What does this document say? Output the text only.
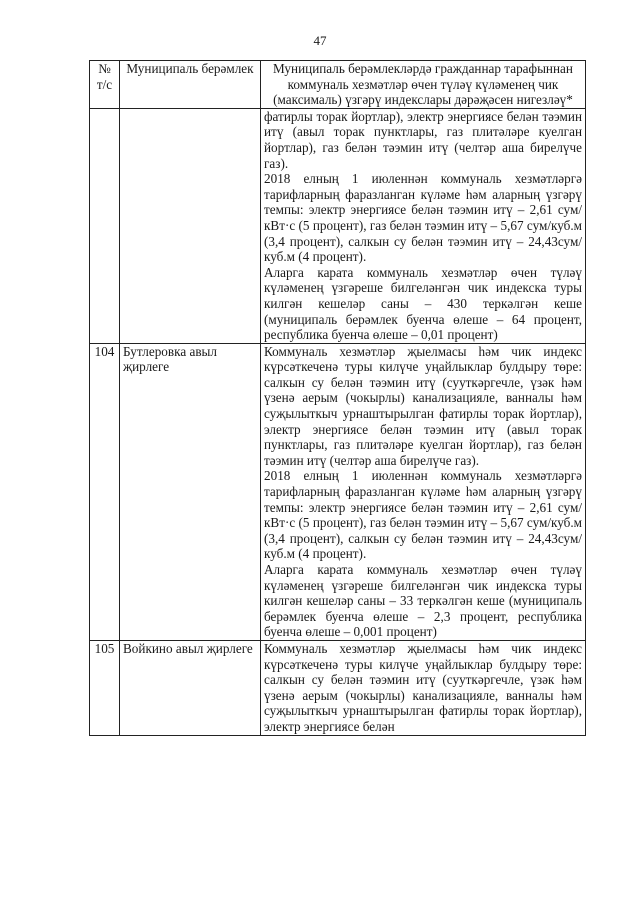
47
№ т/с	Муниципаль берәмлек	Муниципаль берәмлекләрдә гражданнар тарафыннан коммуналь хезмәтләр өчен түләү күләменең чик (максималь) үзгәрү индекслары дәрәҗәсен нигезләү*

		фатирлы торак йортлар), электр энергиясе белән тәэмин итү (авыл торак пунктлары, газ плитәләре куелган йортлар), газ белән тәэмин итү (челтәр аша бирелүче газ).

2018 елның 1 июленнән коммуналь хезмәтләргә тарифларның фаразланган күләме һәм аларның үзгәрү темпы: электр энергиясе белән тәэмин итү – 2,61 сум/кВт·с (5 процент), газ белән тәэмин итү – 5,67 сум/куб.м (3,4 процент), салкын су белән тәэмин итү – 24,43сум/куб.м (4 процент).

Аларга карата коммуналь хезмәтләр өчен түләү күләменең үзгәреше билгеләнгән чик индекска туры килгән кешеләр саны – 430 теркәлгән кеше (муниципаль берәмлек буенча өлеше – 64 процент, республика буенча өлеше – 0,01 процент)

104	Бутлеровка авыл җирлеге	Коммуналь хезмәтләр җыелмасы һәм чик индекс күрсәткеченә туры килүче уңайлыклар булдыру төре: салкын су белән тәэмин итү (сууткәргечле, үзәк һәм үзенә аерым (чокырлы) канализацияле, ванналы һәм суҗылыткыч урнаштырылган фатирлы торак йортлар), электр энергиясе белән тәэмин итү (авыл торак пунктлары, газ плитәләре куелган йортлар), газ белән тәэмин итү (челтәр аша бирелүче газ).

2018 елның 1 июленнән коммуналь хезмәтләргә тарифларның фаразланган күләме һәм аларның үзгәрү темпы: электр энергиясе белән тәэмин итү – 2,61 сум/кВт·с (5 процент), газ белән тәэмин итү – 5,67 сум/куб.м (3,4 процент), салкын су белән тәэмин итү – 24,43сум/куб.м (4 процент).

Аларга карата коммуналь хезмәтләр өчен түләү күләменең үзгәреше билгеләнгән чик индекска туры килгән кешеләр саны – 33 теркәлгән кеше (муниципаль берәмлек буенча өлеше – 2,3 процент, республика буенча өлеше – 0,001 процент)

105	Войкино авыл җирлеге	Коммуналь хезмәтләр җыелмасы һәм чик индекс күрсәткеченә туры килүче уңайлыклар булдыру төре: салкын су белән тәэмин итү (сууткәргечле, үзәк һәм үзенә аерым (чокырлы) канализацияле, ванналы һәм суҗылыткыч урнаштырылган фатирлы торак йортлар), электр энергиясе белән
